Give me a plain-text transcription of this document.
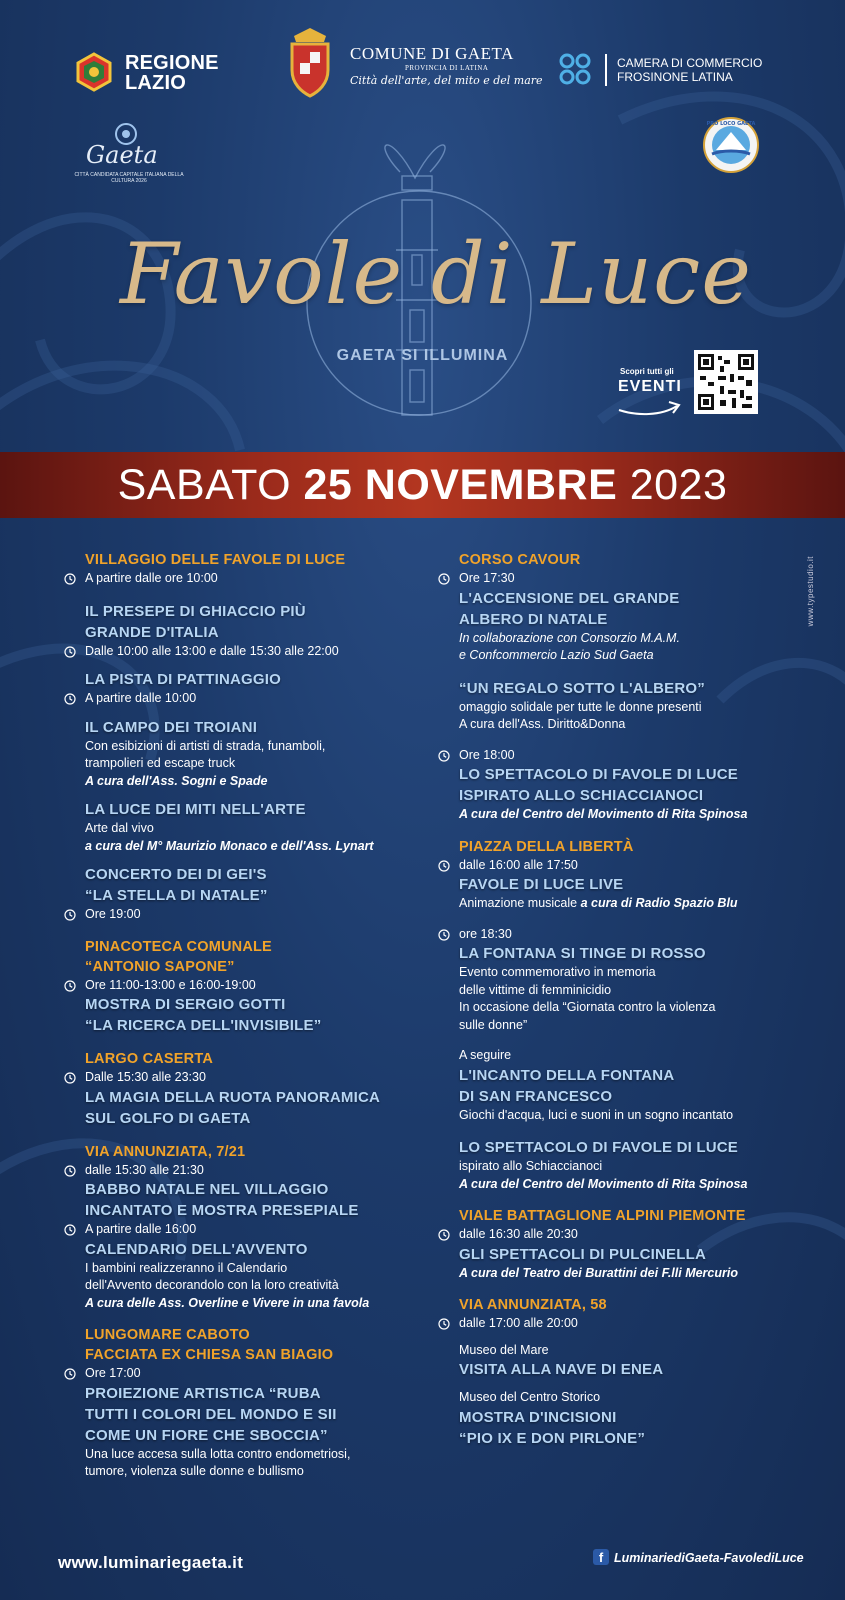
REGIONE LAZIO
COMUNE DI GAETA
PROVINCIA DI LATINA
Città dell'arte, del mito e del mare
CAMERA DI COMMERCIO FROSINONE LATINA
Gaeta
CITTÀ CANDIDATA CAPITALE ITALIANA DELLA CULTURA 2026
PRO LOCO GAETA
Favole di Luce
GAETA SI ILLUMINA
Scopri tutti gli
EVENTI
SABATO 25 NOVEMBRE 2023
VILLAGGIO DELLE FAVOLE DI LUCE
A partire dalle ore 10:00
IL PRESEPE DI GHIACCIO PIÙ
GRANDE D'ITALIA
Dalle 10:00 alle 13:00 e dalle 15:30 alle 22:00
LA PISTA DI PATTINAGGIO
A partire dalle 10:00
IL CAMPO DEI TROIANI
Con esibizioni di artisti di strada, funamboli,
trampolieri ed escape truck
A cura dell'Ass. Sogni e Spade
LA LUCE DEI MITI NELL'ARTE
Arte dal vivo
a cura del M° Maurizio Monaco e dell'Ass. Lynart
CONCERTO DEI DI GEI'S
“LA STELLA DI NATALE”
Ore 19:00
PINACOTECA COMUNALE
“ANTONIO SAPONE”
Ore 11:00-13:00 e 16:00-19:00
MOSTRA DI SERGIO GOTTI
“LA RICERCA DELL'INVISIBILE”
LARGO CASERTA
Dalle 15:30 alle 23:30
LA MAGIA DELLA RUOTA PANORAMICA
SUL GOLFO DI GAETA
VIA ANNUNZIATA, 7/21
dalle 15:30 alle 21:30
BABBO NATALE NEL VILLAGGIO
INCANTATO E MOSTRA PRESEPIALE
A partire dalle 16:00
CALENDARIO DELL'AVVENTO
I bambini realizzeranno il Calendario
dell'Avvento decorandolo con la loro creatività
A cura delle Ass. Overline e Vivere in una favola
LUNGOMARE CABOTO
FACCIATA EX CHIESA SAN BIAGIO
Ore 17:00
PROIEZIONE ARTISTICA “RUBA
TUTTI I COLORI DEL MONDO E SII
COME UN FIORE CHE SBOCCIA”
Una luce accesa sulla lotta contro endometriosi,
tumore, violenza sulle donne e bullismo
CORSO CAVOUR
Ore 17:30
L'ACCENSIONE DEL GRANDE
ALBERO DI NATALE
In collaborazione con Consorzio M.A.M.
e Confcommercio Lazio Sud Gaeta
“UN REGALO SOTTO L'ALBERO”
omaggio solidale per tutte le donne presenti
A cura dell'Ass. Diritto&Donna
Ore 18:00
LO SPETTACOLO DI FAVOLE DI LUCE
ISPIRATO ALLO SCHIACCIANOCI
A cura del Centro del Movimento di Rita Spinosa
PIAZZA DELLA LIBERTÀ
dalle 16:00 alle 17:50
FAVOLE DI LUCE LIVE
Animazione musicale a cura di Radio Spazio Blu
ore 18:30
LA FONTANA SI TINGE DI ROSSO
Evento commemorativo in memoria
delle vittime di femminicidio
In occasione della “Giornata contro la violenza
sulle donne”
A seguire
L'INCANTO DELLA FONTANA
DI SAN FRANCESCO
Giochi d'acqua, luci e suoni in un sogno incantato
LO SPETTACOLO DI FAVOLE DI LUCE
ispirato allo Schiaccianoci
A cura del Centro del Movimento di Rita Spinosa
VIALE BATTAGLIONE ALPINI PIEMONTE
dalle 16:30 alle 20:30
GLI SPETTACOLI DI PULCINELLA
A cura del Teatro dei Burattini dei F.lli Mercurio
VIA ANNUNZIATA, 58
dalle 17:00 alle 20:00
Museo del Mare
VISITA ALLA NAVE DI ENEA
Museo del Centro Storico
MOSTRA D'INCISIONI
“PIO IX E DON PIRLONE”
www.typestudio.it
www.luminariegaeta.it	f LuminariediGaeta-FavolediLuce
